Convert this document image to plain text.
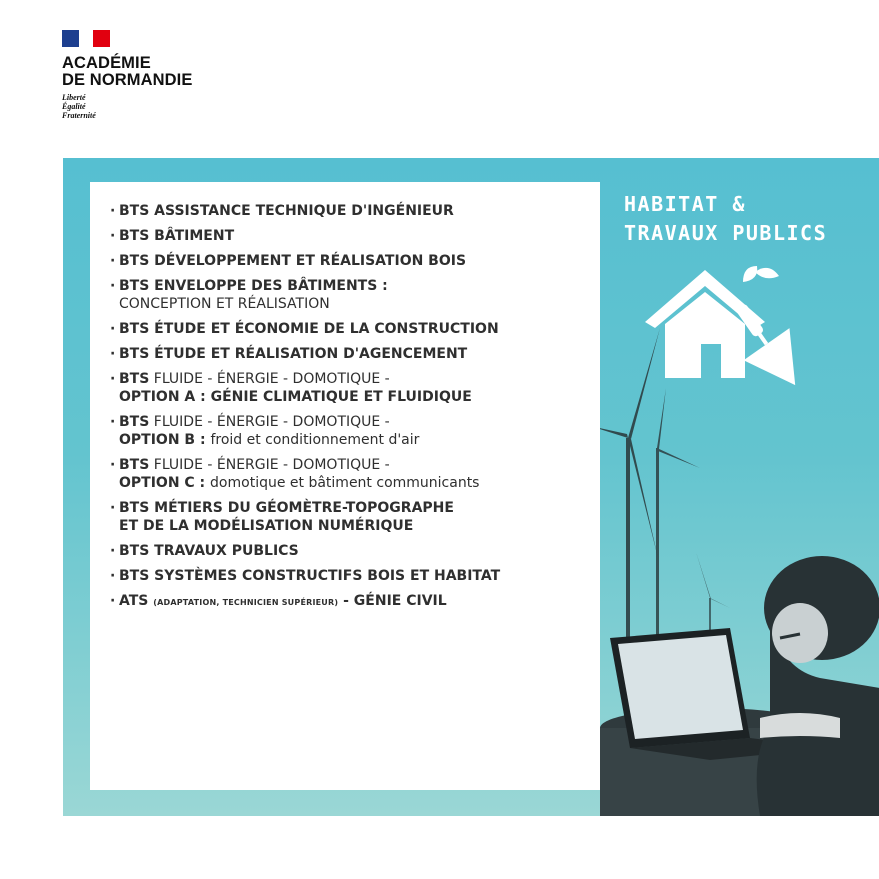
ACADÉMIE
DE NORMANDIE
Liberté
Égalité
Fraternité
· BTS ASSISTANCE TECHNIQUE D'INGÉNIEUR
· BTS BÂTIMENT
· BTS DÉVELOPPEMENT ET RÉALISATION BOIS
· BTS ENVELOPPE DES BÂTIMENTS :
CONCEPTION ET RÉALISATION
· BTS ÉTUDE ET ÉCONOMIE DE LA CONSTRUCTION
· BTS ÉTUDE ET RÉALISATION D'AGENCEMENT
· BTS FLUIDE - ÉNERGIE - DOMOTIQUE -
OPTION A : GÉNIE CLIMATIQUE ET FLUIDIQUE
· BTS FLUIDE - ÉNERGIE - DOMOTIQUE -
OPTION B : froid et conditionnement d'air
· BTS FLUIDE - ÉNERGIE - DOMOTIQUE -
OPTION C : domotique et bâtiment communicants
· BTS MÉTIERS DU GÉOMÈTRE-TOPOGRAPHE
ET DE LA MODÉLISATION NUMÉRIQUE
· BTS TRAVAUX PUBLICS
· BTS SYSTÈMES CONSTRUCTIFS BOIS ET HABITAT
· ATS (ADAPTATION, TECHNICIEN SUPÉRIEUR) - GÉNIE CIVIL
HABITAT &
TRAVAUX PUBLICS
